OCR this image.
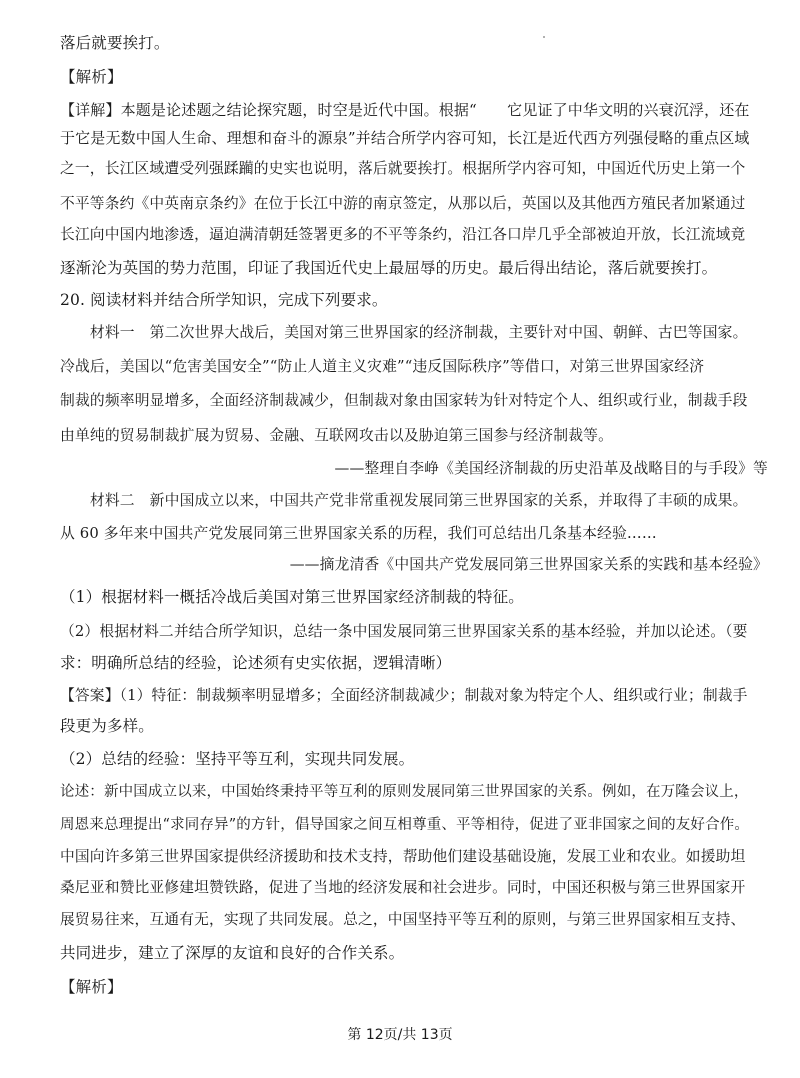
落后就要挨打。
【解析】
【详解】本题是论述题之结论探究题，时空是近代中国。根据“　　它见证了中华文明的兴衰沉浮，还在
于它是无数中国人生命、理想和奋斗的源泉”并结合所学内容可知，长江是近代西方列强侵略的重点区域
之一，长江区域遭受列强蹂躏的史实也说明，落后就要挨打。根据所学内容可知，中国近代历史上第一个
不平等条约《中英南京条约》在位于长江中游的南京签定，从那以后，英国以及其他西方殖民者加紧通过
长江向中国内地渗透，逼迫满清朝廷签署更多的不平等条约，沿江各口岸几乎全部被迫开放，长江流域竟
逐渐沦为英国的势力范围，印证了我国近代史上最屈辱的历史。最后得出结论，落后就要挨打。
20. 阅读材料并结合所学知识，完成下列要求。
　　材料一　第二次世界大战后，美国对第三世界国家的经济制裁，主要针对中国、朝鲜、古巴等国家。
冷战后，美国以“危害美国安全”“防止人道主义灾难”“违反国际秩序”等借口，对第三世界国家经济
制裁的频率明显增多，全面经济制裁减少，但制裁对象由国家转为针对特定个人、组织或行业，制裁手段
由单纯的贸易制裁扩展为贸易、金融、互联网攻击以及胁迫第三国参与经济制裁等。
——整理自李峥《美国经济制裁的历史沿革及战略目的与手段》等
　　材料二　新中国成立以来，中国共产党非常重视发展同第三世界国家的关系，并取得了丰硕的成果。
从 60 多年来中国共产党发展同第三世界国家关系的历程，我们可总结出几条基本经验……
——摘龙清香《中国共产党发展同第三世界国家关系的实践和基本经验》
（1）根据材料一概括冷战后美国对第三世界国家经济制裁的特征。
（2）根据材料二并结合所学知识，总结一条中国发展同第三世界国家关系的基本经验，并加以论述。（要
求：明确所总结的经验，论述须有史实依据，逻辑清晰）
【答案】（1）特征：制裁频率明显增多；全面经济制裁减少；制裁对象为特定个人、组织或行业；制裁手
段更为多样。
（2）总结的经验：坚持平等互利，实现共同发展。
论述：新中国成立以来，中国始终秉持平等互利的原则发展同第三世界国家的关系。例如，在万隆会议上，
周恩来总理提出“求同存异”的方针，倡导国家之间互相尊重、平等相待，促进了亚非国家之间的友好合作。
中国向许多第三世界国家提供经济援助和技术支持，帮助他们建设基础设施，发展工业和农业。如援助坦
桑尼亚和赞比亚修建坦赞铁路，促进了当地的经济发展和社会进步。同时，中国还积极与第三世界国家开
展贸易往来，互通有无，实现了共同发展。总之，中国坚持平等互利的原则，与第三世界国家相互支持、
共同进步，建立了深厚的友谊和良好的合作关系。
【解析】
第 12页/共 13页
